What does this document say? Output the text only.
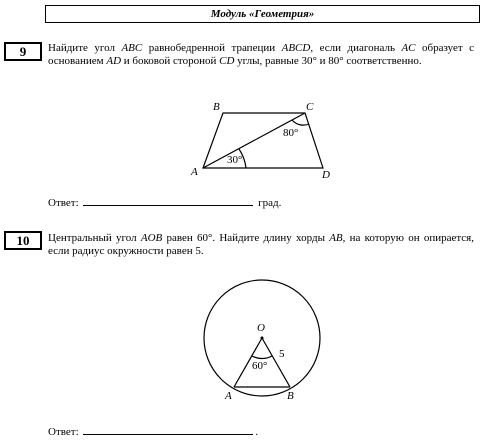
Модуль «Геометрия»
9	Найдите угол ABC равнобедренной трапеции ABCD, если диагональ AC образует с основанием AD и боковой стороной CD углы, равные 30° и 80° соответственно.
B	C
A	D
30°
80°
O
A	B
60°
5
Ответ:	град.
10	Центральный угол AOB равен 60°. Найдите длину хорды AB, на которую он опирается, если радиус окружности равен 5.
Ответ:	.
